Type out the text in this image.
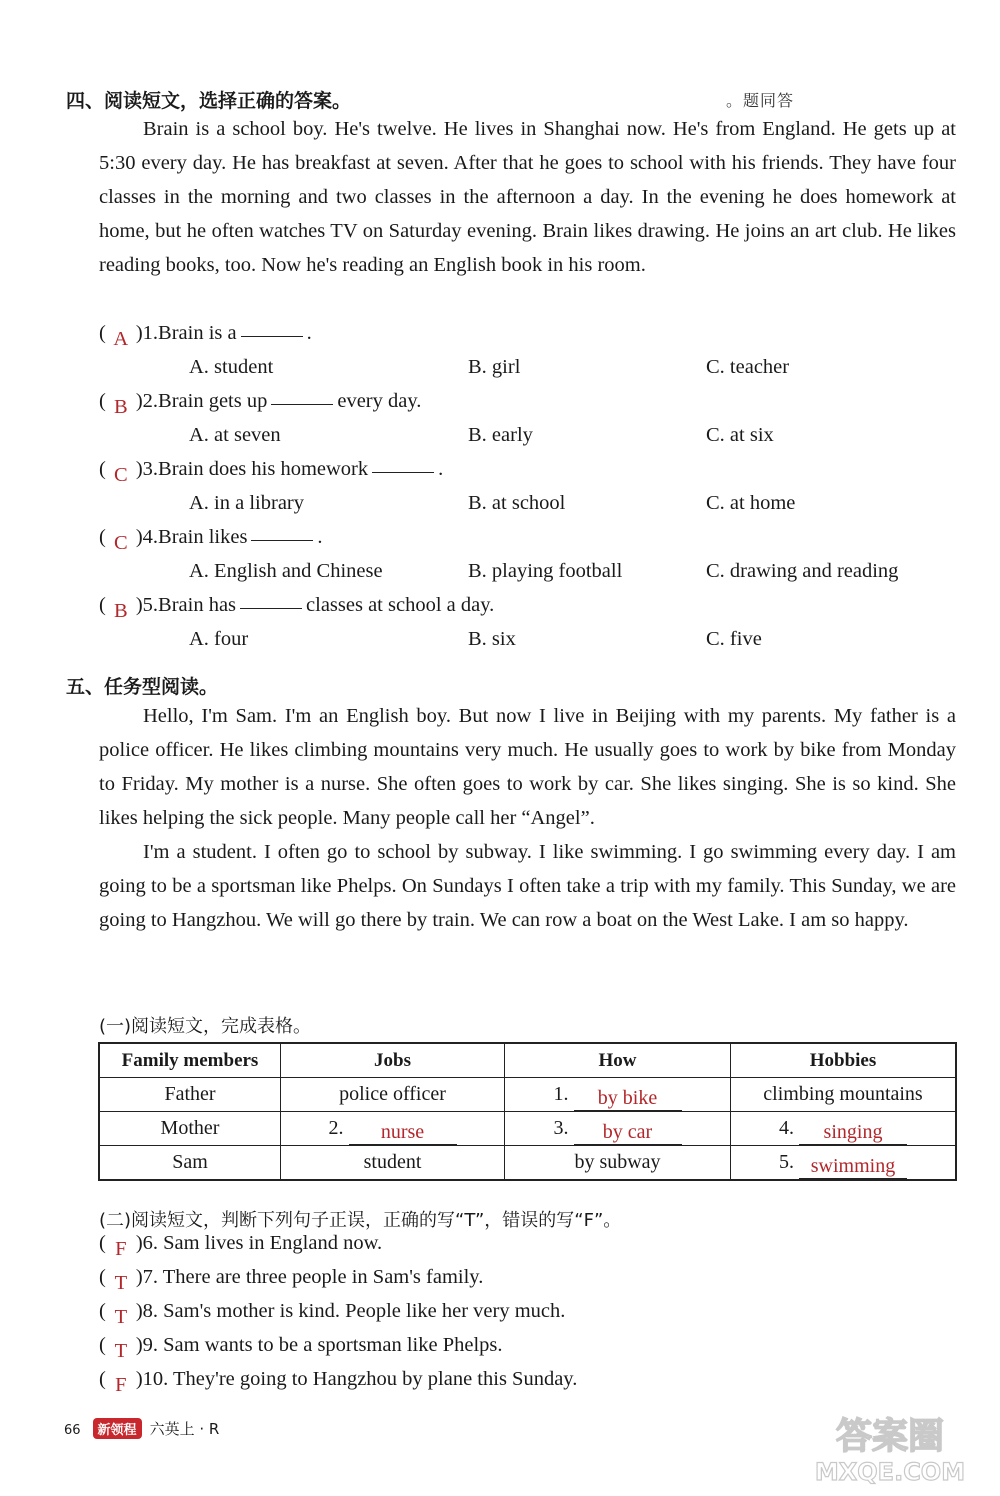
四、阅读短文，选择正确的答案。	。题同答

Brain is a school boy. He's twelve. He lives in Shanghai now. He's from England. He gets up at 5:30 every day. He has breakfast at seven. After that he goes to school with his friends. They have four classes in the morning and two classes in the afternoon a day. In the evening he does homework at home, but he often watches TV on Saturday evening. Brain likes drawing. He joins an art club. He likes reading books, too. Now he's reading an English book in his room.

( A )1.Brain is a	.
A. student	B. girl	C. teacher
( B )2.Brain gets up	every day.
A. at seven	B. early	C. at six
( C )3.Brain does his homework	.
A. in a library	B. at school	C. at home
( C )4.Brain likes	.
A. English and Chinese	B. playing football	C. drawing and reading
( B )5.Brain has	classes at school a day.
A. four	B. six	C. five
五、任务型阅读。

Hello, I'm Sam. I'm an English boy. But now I live in Beijing with my parents. My father is a police officer. He likes climbing mountains very much. He usually goes to work by bike from Monday to Friday. My mother is a nurse. She often goes to work by car. She likes singing. She is so kind. She likes helping the sick people. Many people call her “Angel”.

I'm a student. I often go to school by subway. I like swimming. I go swimming every day. I am going to be a sportsman like Phelps. On Sundays I often take a trip with my family. This Sunday, we are going to Hangzhou. We will go there by train. We can row a boat on the West Lake. I am so happy.

(一)阅读短文，完成表格。
Family members	Jobs	How	Hobbies
Father	police officer	1. by bike	climbing mountains
Mother	2. nurse	3. by car	4. singing
Sam	student	by subway	5. swimming
(二)阅读短文，判断下列句子正误，正确的写“T”，错误的写“F”。
( F )6. Sam lives in England now.
( T )7. There are three people in Sam's family.
( T )8. Sam's mother is kind. People like her very much.
( T )9. Sam wants to be a sportsman like Phelps.
( F )10. They're going to Hangzhou by plane this Sunday.
66 新领程 六英上 · R	答案圈
MXQE.COM
